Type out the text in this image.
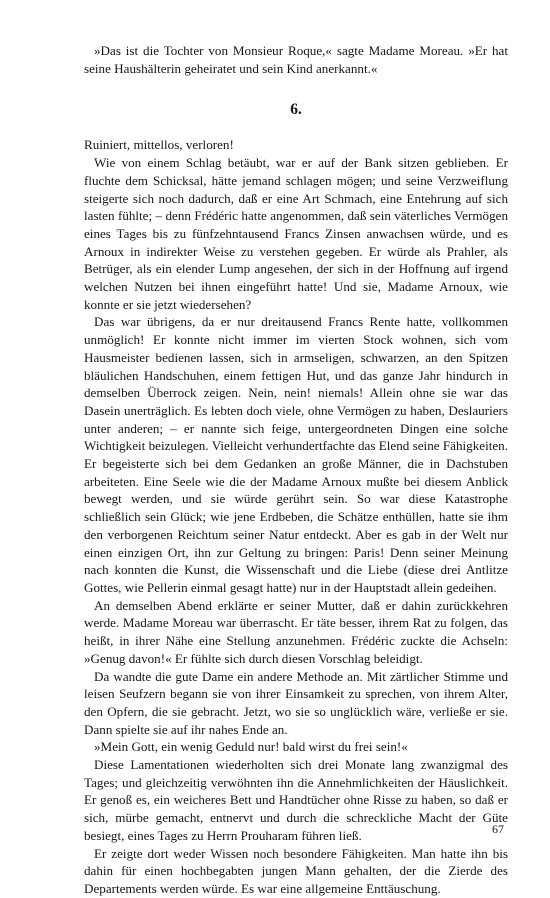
»Das ist die Tochter von Monsieur Roque,« sagte Madame Moreau. »Er hat seine Haushälterin geheiratet und sein Kind anerkannt.«

6.

Ruiniert, mittellos, verloren!

Wie von einem Schlag betäubt, war er auf der Bank sitzen geblieben. Er fluchte dem Schicksal, hätte jemand schlagen mögen; und seine Verzweiflung steigerte sich noch dadurch, daß er eine Art Schmach, eine Entehrung auf sich lasten fühlte; – denn Frédéric hatte angenommen, daß sein väterliches Vermögen eines Tages bis zu fünfzehntausend Francs Zinsen anwachsen würde, und es Arnoux in indirekter Weise zu verstehen gegeben. Er würde als Prahler, als Betrüger, als ein elender Lump angesehen, der sich in der Hoffnung auf irgend welchen Nutzen bei ihnen eingeführt hatte! Und sie, Madame Arnoux, wie konnte er sie jetzt wiedersehen?

Das war übrigens, da er nur dreitausend Francs Rente hatte, vollkommen unmöglich! Er konnte nicht immer im vierten Stock wohnen, sich vom Hausmeister bedienen lassen, sich in armseligen, schwarzen, an den Spitzen bläulichen Handschuhen, einem fettigen Hut, und das ganze Jahr hindurch in demselben Überrock zeigen. Nein, nein! niemals! Allein ohne sie war das Dasein unerträglich. Es lebten doch viele, ohne Vermögen zu haben, Deslauriers unter anderen; – er nannte sich feige, untergeordneten Dingen eine solche Wichtigkeit beizulegen. Vielleicht verhundertfachte das Elend seine Fähigkeiten. Er begeisterte sich bei dem Gedanken an große Männer, die in Dachstuben arbeiteten. Eine Seele wie die der Madame Arnoux mußte bei diesem Anblick bewegt werden, und sie würde gerührt sein. So war diese Katastrophe schließlich sein Glück; wie jene Erdbeben, die Schätze enthüllen, hatte sie ihm den verborgenen Reichtum seiner Natur entdeckt. Aber es gab in der Welt nur einen einzigen Ort, ihn zur Geltung zu bringen: Paris! Denn seiner Meinung nach konnten die Kunst, die Wissenschaft und die Liebe (diese drei Antlitze Gottes, wie Pellerin einmal gesagt hatte) nur in der Hauptstadt allein gedeihen.

An demselben Abend erklärte er seiner Mutter, daß er dahin zurückkehren werde. Madame Moreau war überrascht. Er täte besser, ihrem Rat zu folgen, das heißt, in ihrer Nähe eine Stellung anzunehmen. Frédéric zuckte die Achseln: »Genug davon!« Er fühlte sich durch diesen Vorschlag beleidigt.

Da wandte die gute Dame ein andere Methode an. Mit zärtlicher Stimme und leisen Seufzern begann sie von ihrer Einsamkeit zu sprechen, von ihrem Alter, den Opfern, die sie gebracht. Jetzt, wo sie so unglücklich wäre, verließe er sie. Dann spielte sie auf ihr nahes Ende an.

»Mein Gott, ein wenig Geduld nur! bald wirst du frei sein!«

Diese Lamentationen wiederholten sich drei Monate lang zwanzigmal des Tages; und gleichzeitig verwöhnten ihn die Annehmlichkeiten der Häuslichkeit. Er genoß es, ein weicheres Bett und Handtücher ohne Risse zu haben, so daß er sich, mürbe gemacht, entnervt und durch die schreckliche Macht der Güte besiegt, eines Tages zu Herrn Prouharam führen ließ.

Er zeigte dort weder Wissen noch besondere Fähigkeiten. Man hatte ihn bis dahin für einen hochbegabten jungen Mann gehalten, der die Zierde des Departements werden würde. Es war eine allgemeine Enttäuschung.

67
